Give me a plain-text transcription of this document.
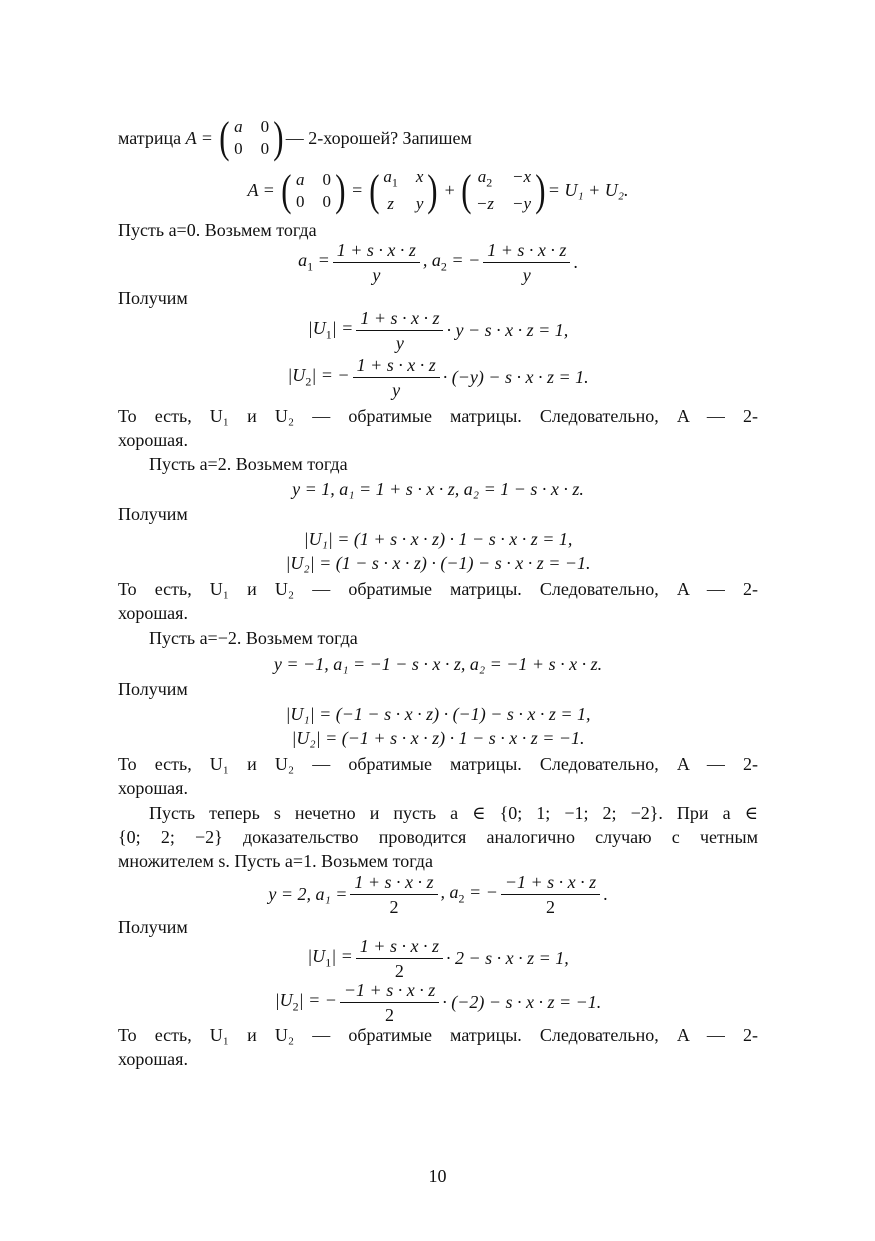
матрица A = ( a 0
0 0 ) — 2-хорошей? Запишем
A = ( a 0
0 0 ) = ( $a_1$ x
z y ) + ( $a_2 -x$
−z −y ) = U₁ + U₂.
Пусть a=0. Возьмем тогда
$a_1 = \frac{1 + s \cdot x \cdot z}{y}$ , $a_2$ = − $\frac{1 + s \cdot x \cdot z}{y}$ .
Получим
$|U_1| = \frac{1 + s \cdot x \cdot z}{y} \cdot y - s \cdot x \cdot z = 1$,
$|U_2|$ = − $\frac{1 + s \cdot x \cdot z}{y} \cdot (-y) - s \cdot x \cdot z = 1$.
То есть, U₁ и U₂ — обратимые матрицы. Следовательно, A — 2-
хорошая.
Пусть a=2. Возьмем тогда
y = 1, a₁ = 1 + s · x · z, a₂ = 1 − s · x · z.
Получим
|U₁| = (1 + s · x · z) · 1 − s · x · z = 1,
|U₂| = (1 − s · x · z) · (−1) − s · x · z = −1.
То есть, U₁ и U₂ — обратимые матрицы. Следовательно, A — 2-
хорошая.
Пусть a=−2. Возьмем тогда
y = −1, a₁ = −1 − s · x · z, a₂ = −1 + s · x · z.
Получим
|U₁| = (−1 − s · x · z) · (−1) − s · x · z = 1,
|U₂| = (−1 + s · x · z) · 1 − s · x · z = −1.
То есть, U₁ и U₂ — обратимые матрицы. Следовательно, A — 2-
хорошая.
Пусть теперь s нечетно и пусть a ∈ {0; 1; −1; 2; −2}. При a ∈
{0; 2; −2} доказательство проводится аналогично случаю с четным
множителем s. Пусть a=1. Возьмем тогда
y = 2, $a_1 = \frac{1 + s \cdot x \cdot z}{2}$ , $a_2$ = − $\frac{-1 + s \cdot x \cdot z}{2}$ .
Получим
$|U_1| = \frac{1 + s \cdot x \cdot z}{2} \cdot 2 - s \cdot x \cdot z = 1$,
$|U_2|$ = − $\frac{-1 + s \cdot x \cdot z}{2} \cdot (-2) - s \cdot x \cdot z = -1$.
То есть, U₁ и U₂ — обратимые матрицы. Следовательно, A — 2-
хорошая.
10
